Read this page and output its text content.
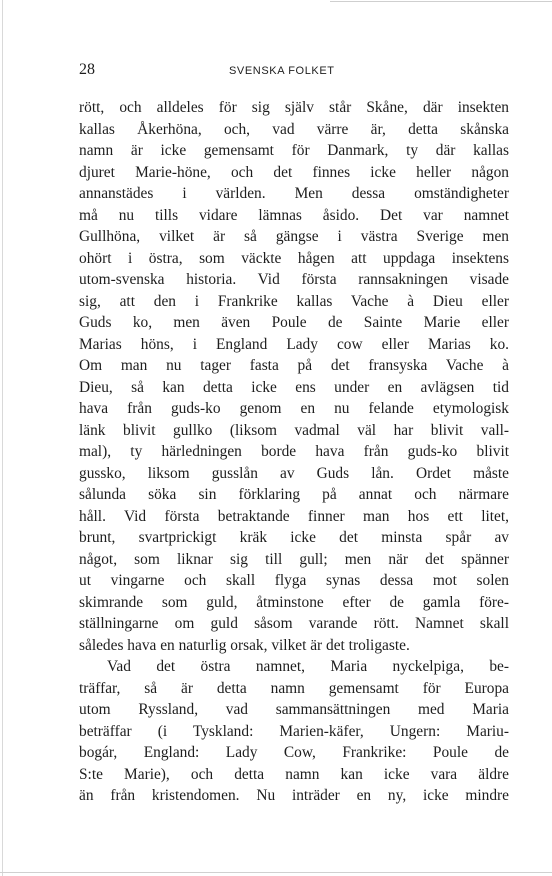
28	SVENSKA FOLKET
rött, och alldeles för sig själv står Skåne, där insekten
kallas Åkerhöna, och, vad värre är, detta skånska
namn är icke gemensamt för Danmark, ty där kallas
djuret Marie-höne, och det finnes icke heller någon
annanstädes i världen. Men dessa omständigheter
må nu tills vidare lämnas åsido. Det var namnet
Gullhöna, vilket är så gängse i västra Sverige men
ohört i östra, som väckte hågen att uppdaga insektens
utom-svenska historia. Vid första rannsakningen visade
sig, att den i Frankrike kallas Vache à Dieu eller
Guds ko, men även Poule de Sainte Marie eller
Marias höns, i England Lady cow eller Marias ko.
Om man nu tager fasta på det fransyska Vache à
Dieu, så kan detta icke ens under en avlägsen tid
hava från guds-ko genom en nu felande etymologisk
länk blivit gullko (liksom vadmal väl har blivit vall-
mal), ty härledningen borde hava från guds-ko blivit
gussko, liksom gusslån av Guds lån. Ordet måste
sålunda söka sin förklaring på annat och närmare
håll. Vid första betraktande finner man hos ett litet,
brunt, svartprickigt kräk icke det minsta spår av
något, som liknar sig till gull; men när det spänner
ut vingarne och skall flyga synas dessa mot solen
skimrande som guld, åtminstone efter de gamla före-
ställningarne om guld såsom varande rött. Namnet skall
således hava en naturlig orsak, vilket är det troligaste.
Vad det östra namnet, Maria nyckelpiga, be-
träffar, så är detta namn gemensamt för Europa
utom Ryssland, vad sammansättningen med Maria
beträffar (i Tyskland: Marien-käfer, Ungern: Mariu-
bogár, England: Lady Cow, Frankrike: Poule de
S:te Marie), och detta namn kan icke vara äldre
än från kristendomen. Nu inträder en ny, icke mindre
